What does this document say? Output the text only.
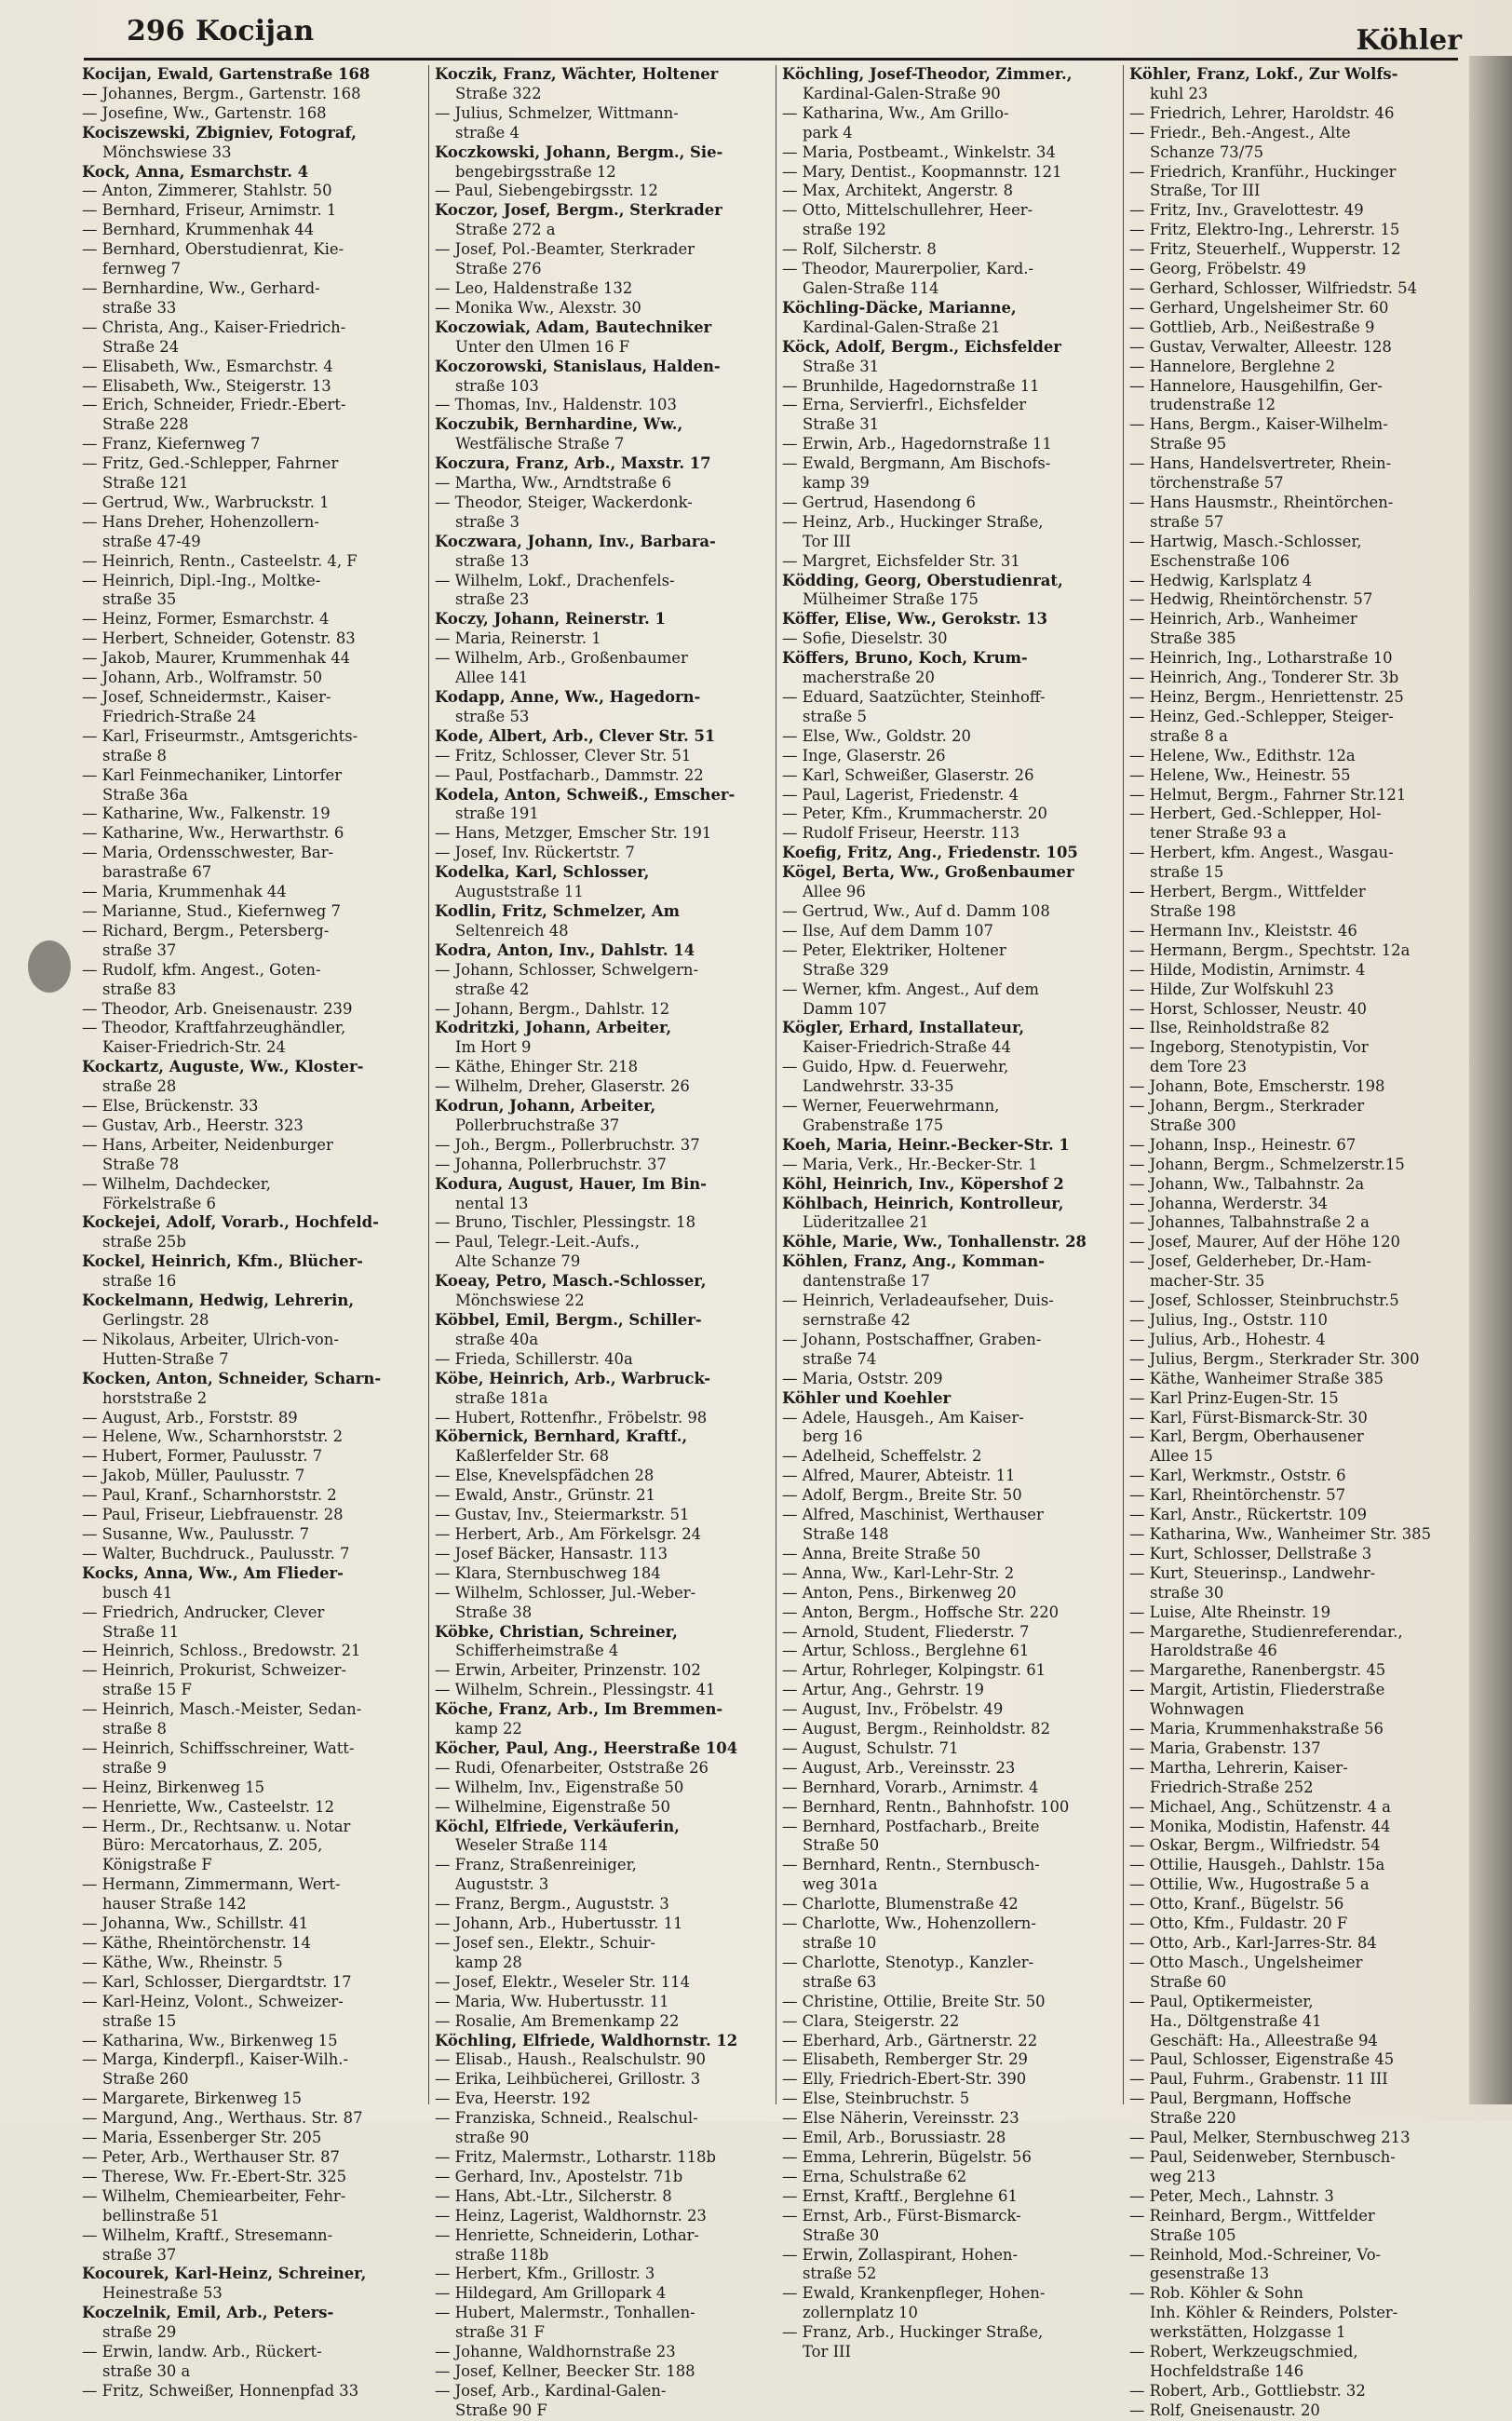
296 Kocijan	Köhler
Kocijan, Ewald, Gartenstraße 168
— Johannes, Bergm., Gartenstr. 168
— Josefine, Ww., Gartenstr. 168
Kociszewski, Zbigniev, Fotograf,
Mönchswiese 33
Kock, Anna, Esmarchstr. 4
— Anton, Zimmerer, Stahlstr. 50
— Bernhard, Friseur, Arnimstr. 1
— Bernhard, Krummenhak 44
— Bernhard, Oberstudienrat, Kie-
fernweg 7
— Bernhardine, Ww., Gerhard-
straße 33
— Christa, Ang., Kaiser-Friedrich-
Straße 24
— Elisabeth, Ww., Esmarchstr. 4
— Elisabeth, Ww., Steigerstr. 13
— Erich, Schneider, Friedr.-Ebert-
Straße 228
— Franz, Kiefernweg 7
— Fritz, Ged.-Schlepper, Fahrner
Straße 121
— Gertrud, Ww., Warbruckstr. 1
— Hans Dreher, Hohenzollern-
straße 47-49
— Heinrich, Rentn., Casteelstr. 4, F
— Heinrich, Dipl.-Ing., Moltke-
straße 35
— Heinz, Former, Esmarchstr. 4
— Herbert, Schneider, Gotenstr. 83
— Jakob, Maurer, Krummenhak 44
— Johann, Arb., Wolframstr. 50
— Josef, Schneidermstr., Kaiser-
Friedrich-Straße 24
— Karl, Friseurmstr., Amtsgerichts-
straße 8
— Karl Feinmechaniker, Lintorfer
Straße 36a
— Katharine, Ww., Falkenstr. 19
— Katharine, Ww., Herwarthstr. 6
— Maria, Ordensschwester, Bar-
barastraße 67
— Maria, Krummenhak 44
— Marianne, Stud., Kiefernweg 7
— Richard, Bergm., Petersberg-
straße 37
— Rudolf, kfm. Angest., Goten-
straße 83
— Theodor, Arb. Gneisenaustr. 239
— Theodor, Kraftfahrzeughändler,
Kaiser-Friedrich-Str. 24
Kockartz, Auguste, Ww., Kloster-
straße 28
— Else, Brückenstr. 33
— Gustav, Arb., Heerstr. 323
— Hans, Arbeiter, Neidenburger
Straße 78
— Wilhelm, Dachdecker,
Förkelstraße 6
Kockejei, Adolf, Vorarb., Hochfeld-
straße 25b
Kockel, Heinrich, Kfm., Blücher-
straße 16
Kockelmann, Hedwig, Lehrerin,
Gerlingstr. 28
— Nikolaus, Arbeiter, Ulrich-von-
Hutten-Straße 7
Kocken, Anton, Schneider, Scharn-
horststraße 2
— August, Arb., Forststr. 89
— Helene, Ww., Scharnhorststr. 2
— Hubert, Former, Paulusstr. 7
— Jakob, Müller, Paulusstr. 7
— Paul, Kranf., Scharnhorststr. 2
— Paul, Friseur, Liebfrauenstr. 28
— Susanne, Ww., Paulusstr. 7
— Walter, Buchdruck., Paulusstr. 7
Kocks, Anna, Ww., Am Flieder-
busch 41
— Friedrich, Andrucker, Clever
Straße 11
— Heinrich, Schloss., Bredowstr. 21
— Heinrich, Prokurist, Schweizer-
straße 15 F
— Heinrich, Masch.-Meister, Sedan-
straße 8
— Heinrich, Schiffsschreiner, Watt-
straße 9
— Heinz, Birkenweg 15
— Henriette, Ww., Casteelstr. 12
— Herm., Dr., Rechtsanw. u. Notar
Büro: Mercatorhaus, Z. 205,
Königstraße F
— Hermann, Zimmermann, Wert-
hauser Straße 142
— Johanna, Ww., Schillstr. 41
— Käthe, Rheintörchenstr. 14
— Käthe, Ww., Rheinstr. 5
— Karl, Schlosser, Diergardtstr. 17
— Karl-Heinz, Volont., Schweizer-
straße 15
— Katharina, Ww., Birkenweg 15
— Marga, Kinderpfl., Kaiser-Wilh.-
Straße 260
— Margarete, Birkenweg 15
— Margund, Ang., Werthaus. Str. 87
— Maria, Essenberger Str. 205
— Peter, Arb., Werthauser Str. 87
— Therese, Ww. Fr.-Ebert-Str. 325
— Wilhelm, Chemiearbeiter, Fehr-
bellinstraße 51
— Wilhelm, Kraftf., Stresemann-
straße 37
Kocourek, Karl-Heinz, Schreiner,
Heinestraße 53
Koczelnik, Emil, Arb., Peters-
straße 29
— Erwin, landw. Arb., Rückert-
straße 30 a
— Fritz, Schweißer, Honnenpfad 33
Koczik, Franz, Wächter, Holtener
Straße 322
— Julius, Schmelzer, Wittmann-
straße 4
Koczkowski, Johann, Bergm., Sie-
bengebirgsstraße 12
— Paul, Siebengebirgsstr. 12
Koczor, Josef, Bergm., Sterkrader
Straße 272 a
— Josef, Pol.-Beamter, Sterkrader
Straße 276
— Leo, Haldenstraße 132
— Monika Ww., Alexstr. 30
Koczowiak, Adam, Bautechniker
Unter den Ulmen 16 F
Koczorowski, Stanislaus, Halden-
straße 103
— Thomas, Inv., Haldenstr. 103
Koczubik, Bernhardine, Ww.,
Westfälische Straße 7
Koczura, Franz, Arb., Maxstr. 17
— Martha, Ww., Arndtstraße 6
— Theodor, Steiger, Wackerdonk-
straße 3
Koczwara, Johann, Inv., Barbara-
straße 13
— Wilhelm, Lokf., Drachenfels-
straße 23
Koczy, Johann, Reinerstr. 1
— Maria, Reinerstr. 1
— Wilhelm, Arb., Großenbaumer
Allee 141
Kodapp, Anne, Ww., Hagedorn-
straße 53
Kode, Albert, Arb., Clever Str. 51
— Fritz, Schlosser, Clever Str. 51
— Paul, Postfacharb., Dammstr. 22
Kodela, Anton, Schweiß., Emscher-
straße 191
— Hans, Metzger, Emscher Str. 191
— Josef, Inv. Rückertstr. 7
Kodelka, Karl, Schlosser,
Auguststraße 11
Kodlin, Fritz, Schmelzer, Am
Seltenreich 48
Kodra, Anton, Inv., Dahlstr. 14
— Johann, Schlosser, Schwelgern-
straße 42
— Johann, Bergm., Dahlstr. 12
Kodritzki, Johann, Arbeiter,
Im Hort 9
— Käthe, Ehinger Str. 218
— Wilhelm, Dreher, Glaserstr. 26
Kodrun, Johann, Arbeiter,
Pollerbruchstraße 37
— Joh., Bergm., Pollerbruchstr. 37
— Johanna, Pollerbruchstr. 37
Kodura, August, Hauer, Im Bin-
nental 13
— Bruno, Tischler, Plessingstr. 18
— Paul, Telegr.-Leit.-Aufs.,
Alte Schanze 79
Koeay, Petro, Masch.-Schlosser,
Mönchswiese 22
Köbbel, Emil, Bergm., Schiller-
straße 40a
— Frieda, Schillerstr. 40a
Köbe, Heinrich, Arb., Warbruck-
straße 181a
— Hubert, Rottenfhr., Fröbelstr. 98
Köbernick, Bernhard, Kraftf.,
Kaßlerfelder Str. 68
— Else, Knevelspfädchen 28
— Ewald, Anstr., Grünstr. 21
— Gustav, Inv., Steiermarkstr. 51
— Herbert, Arb., Am Förkelsgr. 24
— Josef Bäcker, Hansastr. 113
— Klara, Sternbuschweg 184
— Wilhelm, Schlosser, Jul.-Weber-
Straße 38
Köbke, Christian, Schreiner,
Schifferheimstraße 4
— Erwin, Arbeiter, Prinzenstr. 102
— Wilhelm, Schrein., Plessingstr. 41
Köche, Franz, Arb., Im Bremmen-
kamp 22
Köcher, Paul, Ang., Heerstraße 104
— Rudi, Ofenarbeiter, Oststraße 26
— Wilhelm, Inv., Eigenstraße 50
— Wilhelmine, Eigenstraße 50
Köchl, Elfriede, Verkäuferin,
Weseler Straße 114
— Franz, Straßenreiniger,
Auguststr. 3
— Franz, Bergm., Auguststr. 3
— Johann, Arb., Hubertusstr. 11
— Josef sen., Elektr., Schuir-
kamp 28
— Josef, Elektr., Weseler Str. 114
— Maria, Ww. Hubertusstr. 11
— Rosalie, Am Bremenkamp 22
Köchling, Elfriede, Waldhornstr. 12
— Elisab., Haush., Realschulstr. 90
— Erika, Leihbücherei, Grillostr. 3
— Eva, Heerstr. 192
— Franziska, Schneid., Realschul-
straße 90
— Fritz, Malermstr., Lotharstr. 118b
— Gerhard, Inv., Apostelstr. 71b
— Hans, Abt.-Ltr., Silcherstr. 8
— Heinz, Lagerist, Waldhornstr. 23
— Henriette, Schneiderin, Lothar-
straße 118b
— Herbert, Kfm., Grillostr. 3
— Hildegard, Am Grillopark 4
— Hubert, Malermstr., Tonhallen-
straße 31 F
— Johanne, Waldhornstraße 23
— Josef, Kellner, Beecker Str. 188
— Josef, Arb., Kardinal-Galen-
Straße 90 F
Köchling, Josef-Theodor, Zimmer.,
Kardinal-Galen-Straße 90
— Katharina, Ww., Am Grillo-
park 4
— Maria, Postbeamt., Winkelstr. 34
— Mary, Dentist., Koopmannstr. 121
— Max, Architekt, Angerstr. 8
— Otto, Mittelschullehrer, Heer-
straße 192
— Rolf, Silcherstr. 8
— Theodor, Maurerpolier, Kard.-
Galen-Straße 114
Köchling-Däcke, Marianne,
Kardinal-Galen-Straße 21
Köck, Adolf, Bergm., Eichsfelder
Straße 31
— Brunhilde, Hagedornstraße 11
— Erna, Servierfrl., Eichsfelder
Straße 31
— Erwin, Arb., Hagedornstraße 11
— Ewald, Bergmann, Am Bischofs-
kamp 39
— Gertrud, Hasendong 6
— Heinz, Arb., Huckinger Straße,
Tor III
— Margret, Eichsfelder Str. 31
Ködding, Georg, Oberstudienrat,
Mülheimer Straße 175
Köffer, Elise, Ww., Gerokstr. 13
— Sofie, Dieselstr. 30
Köffers, Bruno, Koch, Krum-
macherstraße 20
— Eduard, Saatzüchter, Steinhoff-
straße 5
— Else, Ww., Goldstr. 20
— Inge, Glaserstr. 26
— Karl, Schweißer, Glaserstr. 26
— Paul, Lagerist, Friedenstr. 4
— Peter, Kfm., Krummacherstr. 20
— Rudolf Friseur, Heerstr. 113
Koefig, Fritz, Ang., Friedenstr. 105
Kögel, Berta, Ww., Großenbaumer
Allee 96
— Gertrud, Ww., Auf d. Damm 108
— Ilse, Auf dem Damm 107
— Peter, Elektriker, Holtener
Straße 329
— Werner, kfm. Angest., Auf dem
Damm 107
Kögler, Erhard, Installateur,
Kaiser-Friedrich-Straße 44
— Guido, Hpw. d. Feuerwehr,
Landwehrstr. 33-35
— Werner, Feuerwehrmann,
Grabenstraße 175
Koeh, Maria, Heinr.-Becker-Str. 1
— Maria, Verk., Hr.-Becker-Str. 1
Köhl, Heinrich, Inv., Köpershof 2
Köhlbach, Heinrich, Kontrolleur,
Lüderitzallee 21
Köhle, Marie, Ww., Tonhallenstr. 28
Köhlen, Franz, Ang., Komman-
dantenstraße 17
— Heinrich, Verladeaufseher, Duis-
sernstraße 42
— Johann, Postschaffner, Graben-
straße 74
— Maria, Oststr. 209
Köhler und Koehler
— Adele, Hausgeh., Am Kaiser-
berg 16
— Adelheid, Scheffelstr. 2
— Alfred, Maurer, Abteistr. 11
— Adolf, Bergm., Breite Str. 50
— Alfred, Maschinist, Werthauser
Straße 148
— Anna, Breite Straße 50
— Anna, Ww., Karl-Lehr-Str. 2
— Anton, Pens., Birkenweg 20
— Anton, Bergm., Hoffsche Str. 220
— Arnold, Student, Fliederstr. 7
— Artur, Schloss., Berglehne 61
— Artur, Rohrleger, Kolpingstr. 61
— Artur, Ang., Gehrstr. 19
— August, Inv., Fröbelstr. 49
— August, Bergm., Reinholdstr. 82
— August, Schulstr. 71
— August, Arb., Vereinsstr. 23
— Bernhard, Vorarb., Arnimstr. 4
— Bernhard, Rentn., Bahnhofstr. 100
— Bernhard, Postfacharb., Breite
Straße 50
— Bernhard, Rentn., Sternbusch-
weg 301a
— Charlotte, Blumenstraße 42
— Charlotte, Ww., Hohenzollern-
straße 10
— Charlotte, Stenotyp., Kanzler-
straße 63
— Christine, Ottilie, Breite Str. 50
— Clara, Steigerstr. 22
— Eberhard, Arb., Gärtnerstr. 22
— Elisabeth, Remberger Str. 29
— Elly, Friedrich-Ebert-Str. 390
— Else, Steinbruchstr. 5
— Else Näherin, Vereinsstr. 23
— Emil, Arb., Borussiastr. 28
— Emma, Lehrerin, Bügelstr. 56
— Erna, Schulstraße 62
— Ernst, Kraftf., Berglehne 61
— Ernst, Arb., Fürst-Bismarck-
Straße 30
— Erwin, Zollaspirant, Hohen-
straße 52
— Ewald, Krankenpfleger, Hohen-
zollernplatz 10
— Franz, Arb., Huckinger Straße,
Tor III
Köhler, Franz, Lokf., Zur Wolfs-
kuhl 23
— Friedrich, Lehrer, Haroldstr. 46
— Friedr., Beh.-Angest., Alte
Schanze 73/75
— Friedrich, Kranführ., Huckinger
Straße, Tor III
— Fritz, Inv., Gravelottestr. 49
— Fritz, Elektro-Ing., Lehrerstr. 15
— Fritz, Steuerhelf., Wupperstr. 12
— Georg, Fröbelstr. 49
— Gerhard, Schlosser, Wilfriedstr. 54
— Gerhard, Ungelsheimer Str. 60
— Gottlieb, Arb., Neißestraße 9
— Gustav, Verwalter, Alleestr. 128
— Hannelore, Berglehne 2
— Hannelore, Hausgehilfin, Ger-
trudenstraße 12
— Hans, Bergm., Kaiser-Wilhelm-
Straße 95
— Hans, Handelsvertreter, Rhein-
törchenstraße 57
— Hans Hausmstr., Rheintörchen-
straße 57
— Hartwig, Masch.-Schlosser,
Eschenstraße 106
— Hedwig, Karlsplatz 4
— Hedwig, Rheintörchenstr. 57
— Heinrich, Arb., Wanheimer
Straße 385
— Heinrich, Ing., Lotharstraße 10
— Heinrich, Ang., Tonderer Str. 3b
— Heinz, Bergm., Henriettenstr. 25
— Heinz, Ged.-Schlepper, Steiger-
straße 8 a
— Helene, Ww., Edithstr. 12a
— Helene, Ww., Heinestr. 55
— Helmut, Bergm., Fahrner Str.121
— Herbert, Ged.-Schlepper, Hol-
tener Straße 93 a
— Herbert, kfm. Angest., Wasgau-
straße 15
— Herbert, Bergm., Wittfelder
Straße 198
— Hermann Inv., Kleiststr. 46
— Hermann, Bergm., Spechtstr. 12a
— Hilde, Modistin, Arnimstr. 4
— Hilde, Zur Wolfskuhl 23
— Horst, Schlosser, Neustr. 40
— Ilse, Reinholdstraße 82
— Ingeborg, Stenotypistin, Vor
dem Tore 23
— Johann, Bote, Emscherstr. 198
— Johann, Bergm., Sterkrader
Straße 300
— Johann, Insp., Heinestr. 67
— Johann, Bergm., Schmelzerstr.15
— Johann, Ww., Talbahnstr. 2a
— Johanna, Werderstr. 34
— Johannes, Talbahnstraße 2 a
— Josef, Maurer, Auf der Höhe 120
— Josef, Gelderheber, Dr.-Ham-
macher-Str. 35
— Josef, Schlosser, Steinbruchstr.5
— Julius, Ing., Oststr. 110
— Julius, Arb., Hohestr. 4
— Julius, Bergm., Sterkrader Str. 300
— Käthe, Wanheimer Straße 385
— Karl Prinz-Eugen-Str. 15
— Karl, Fürst-Bismarck-Str. 30
— Karl, Bergm, Oberhausener
Allee 15
— Karl, Werkmstr., Oststr. 6
— Karl, Rheintörchenstr. 57
— Karl, Anstr., Rückertstr. 109
— Katharina, Ww., Wanheimer Str. 385
— Kurt, Schlosser, Dellstraße 3
— Kurt, Steuerinsp., Landwehr-
straße 30
— Luise, Alte Rheinstr. 19
— Margarethe, Studienreferendar.,
Haroldstraße 46
— Margarethe, Ranenbergstr. 45
— Margit, Artistin, Fliederstraße
Wohnwagen
— Maria, Krummenhakstraße 56
— Maria, Grabenstr. 137
— Martha, Lehrerin, Kaiser-
Friedrich-Straße 252
— Michael, Ang., Schützenstr. 4 a
— Monika, Modistin, Hafenstr. 44
— Oskar, Bergm., Wilfriedstr. 54
— Ottilie, Hausgeh., Dahlstr. 15a
— Ottilie, Ww., Hugostraße 5 a
— Otto, Kranf., Bügelstr. 56
— Otto, Kfm., Fuldastr. 20 F
— Otto, Arb., Karl-Jarres-Str. 84
— Otto Masch., Ungelsheimer
Straße 60
— Paul, Optikermeister,
Ha., Döltgenstraße 41
Geschäft: Ha., Alleestraße 94
— Paul, Schlosser, Eigenstraße 45
— Paul, Fuhrm., Grabenstr. 11 III
— Paul, Bergmann, Hoffsche
Straße 220
— Paul, Melker, Sternbuschweg 213
— Paul, Seidenweber, Sternbusch-
weg 213
— Peter, Mech., Lahnstr. 3
— Reinhard, Bergm., Wittfelder
Straße 105
— Reinhold, Mod.-Schreiner, Vo-
gesenstraße 13
— Rob. Köhler & Sohn
Inh. Köhler & Reinders, Polster-
werkstätten, Holzgasse 1
— Robert, Werkzeugschmied,
Hochfeldstraße 146
— Robert, Arb., Gottliebstr. 32
— Rolf, Gneisenaustr. 20
